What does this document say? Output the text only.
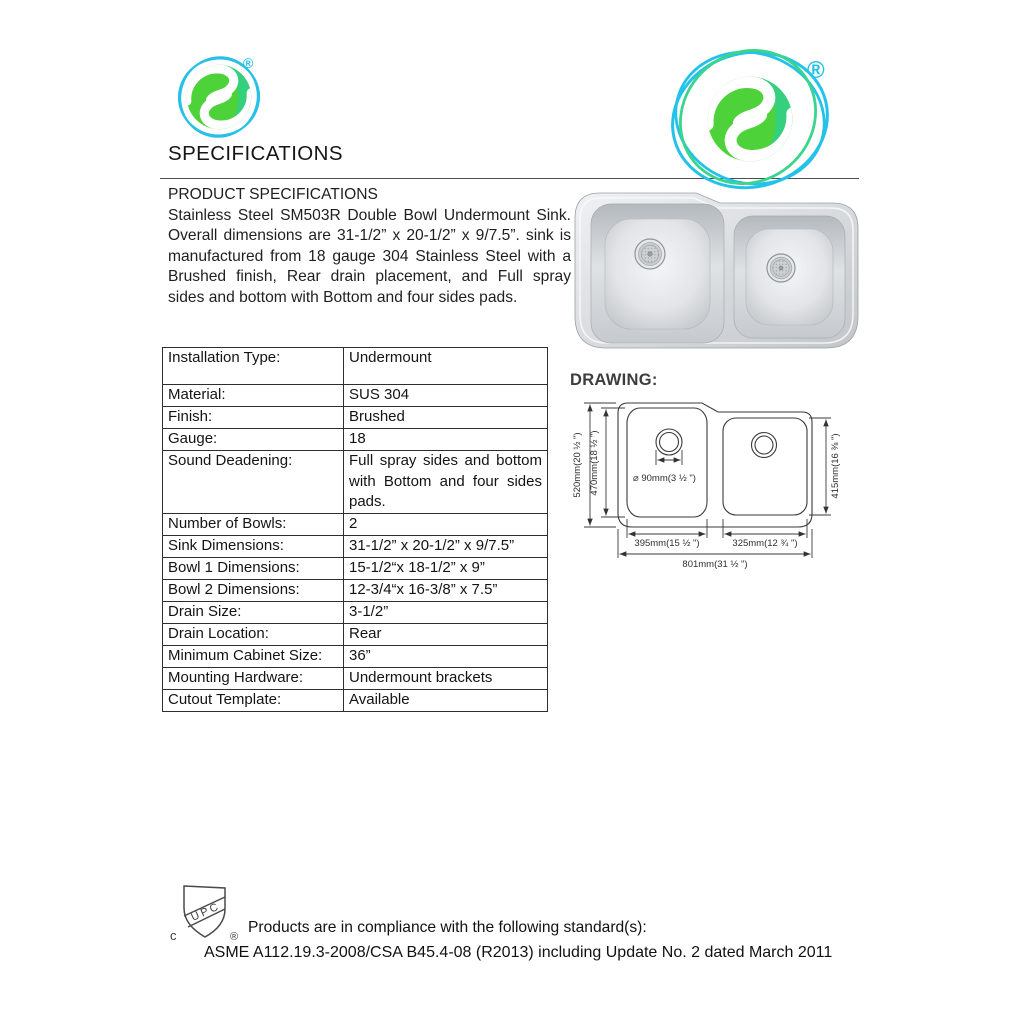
®
SPECIFICATIONS
PRODUCT SPECIFICATIONS

Stainless Steel SM503R Double Bowl Undermount Sink. Overall dimensions are 31-1/2” x 20-1/2” x 9/7.5”. sink is manufactured from 18 gauge 304 Stainless Steel with a Brushed finish, Rear drain placement, and Full spray sides and bottom with Bottom and four sides pads.

Installation Type:	Undermount
Material:	SUS 304
Finish:	Brushed
Gauge:	18
Sound Deadening:	Full spray sides and bottom with Bottom and four sides pads.
Number of Bowls:	2
Sink Dimensions:	31-1/2” x 20-1/2” x 9/7.5”
Bowl 1 Dimensions:	15-1/2“x 18-1/2” x 9”
Bowl 2 Dimensions:	12-3/4“x 16-3/8” x 7.5”
Drain Size:	3-1/2”
Drain Location:	Rear
Minimum Cabinet Size:	36”
Mounting Hardware:	Undermount brackets
Cutout Template:	Available
®
DRAWING:
520mm(20 ½ ") 470mm(18 ½ ")	415mm(16 ⅜ ")
⌀ 90mm(3 ½ ")
395mm(15 ½ ")	325mm(12 ¾ ")
801mm(31 ½ ")
UPC
c	®
Products are in compliance with the following standard(s):
ASME A112.19.3-2008/CSA B45.4-08 (R2013) including Update No. 2 dated March 2011
